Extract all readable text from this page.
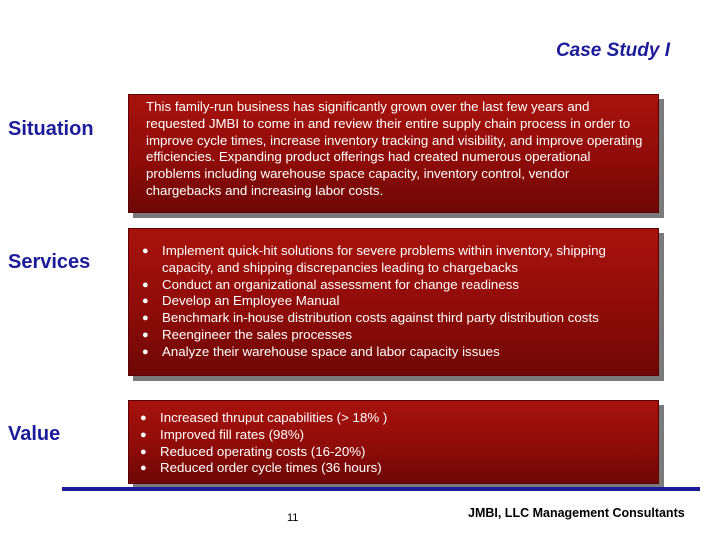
Case Study I
Situation

This family-run business has significantly grown over the last few years and requested JMBI to come in and review their entire supply chain process in order to improve cycle times, increase inventory tracking and visibility, and improve operating efficiencies. Expanding product offerings had created numerous operational problems including warehouse space capacity, inventory control, vendor chargebacks and increasing labor costs.

Services	● Implement quick-hit solutions for severe problems within inventory, shipping capacity, and shipping discrepancies leading to chargebacks
● Conduct an organizational assessment for change readiness
● Develop an Employee Manual
● Benchmark in-house distribution costs against third party distribution costs
● Reengineer the sales processes
● Analyze their warehouse space and labor capacity issues
Value
● Increased thruput capabilities (> 18% )
● Improved fill rates (98%)
● Reduced operating costs (16-20%)
● Reduced order cycle times (36 hours)
11	JMBI, LLC Management Consultants
